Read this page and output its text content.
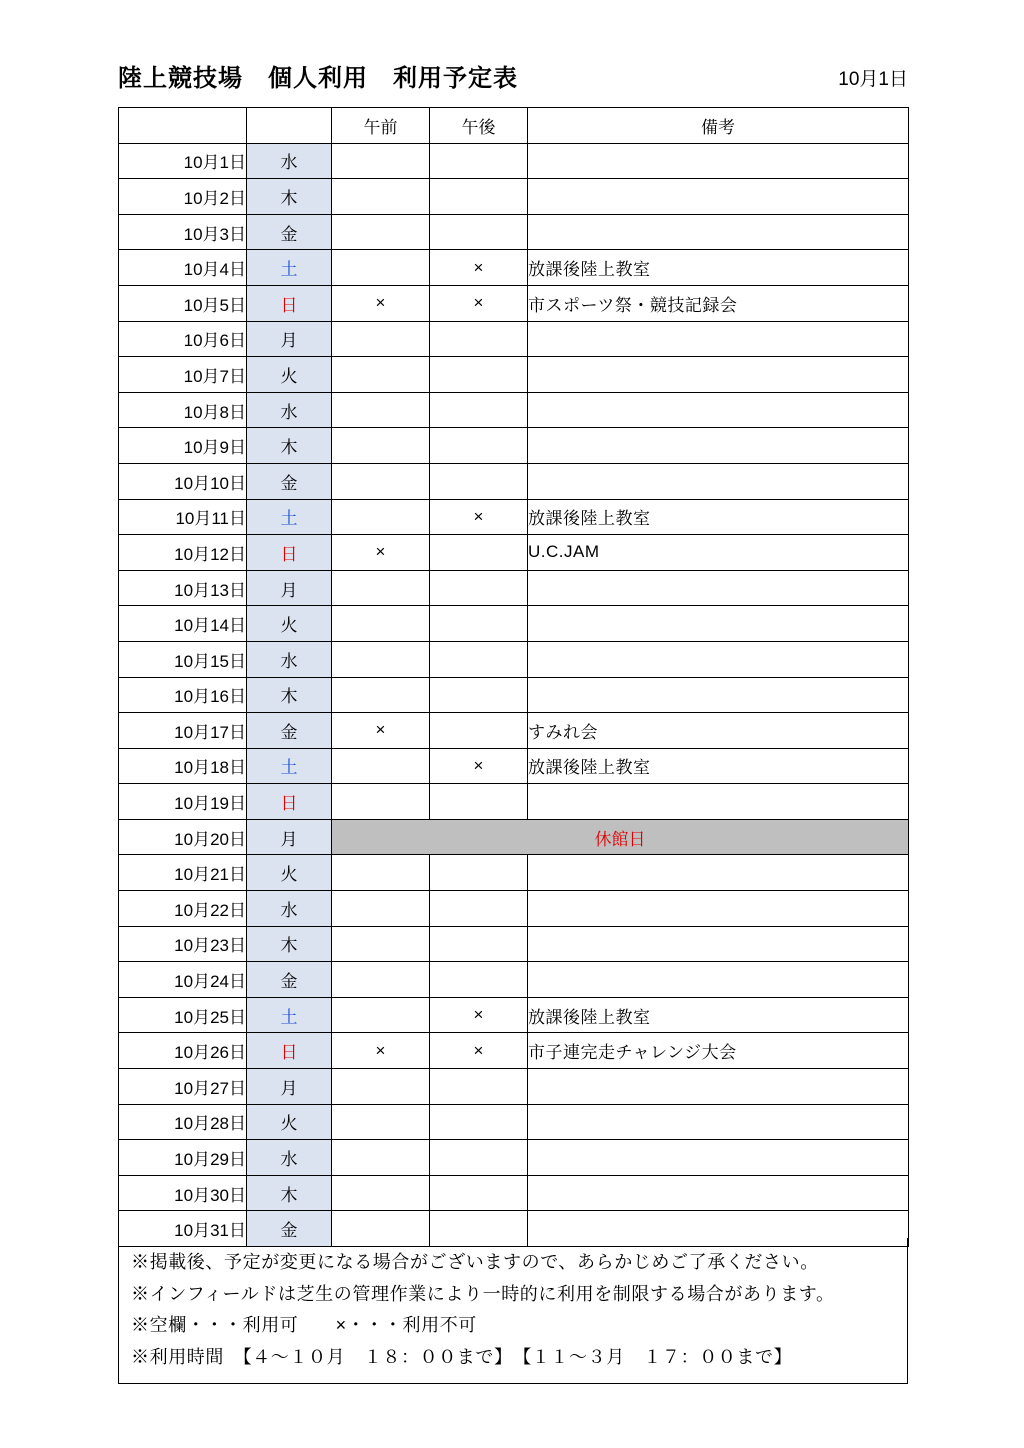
陸上競技場　個人利用　利用予定表	10月1日
		午前	午後	備考
10月1日	水			
10月2日	木			
10月3日	金			
10月4日	土		×	放課後陸上教室
10月5日	日	×	×	市スポーツ祭・競技記録会
10月6日	月			
10月7日	火			
10月8日	水			
10月9日	木			
10月10日	金			
10月11日	土		×	放課後陸上教室
10月12日	日	×		U.C.JAM
10月13日	月			
10月14日	火			
10月15日	水			
10月16日	木			
10月17日	金	×		すみれ会
10月18日	土		×	放課後陸上教室
10月19日	日			
10月20日	月	休館日		
10月21日	火			
10月22日	水			
10月23日	木			
10月24日	金			
10月25日	土		×	放課後陸上教室
10月26日	日	×	×	市子連完走チャレンジ大会
10月27日	月			
10月28日	火			
10月29日	水			
10月30日	木			
10月31日	金			
※掲載後、予定が変更になる場合がございますので、あらかじめご了承ください。
※インフィールドは芝生の管理作業により一時的に利用を制限する場合があります。
※空欄・・・利用可　　×・・・利用不可
※利用時間　【４～１０月　１８：００まで】　【１１～３月　１７：００まで】
